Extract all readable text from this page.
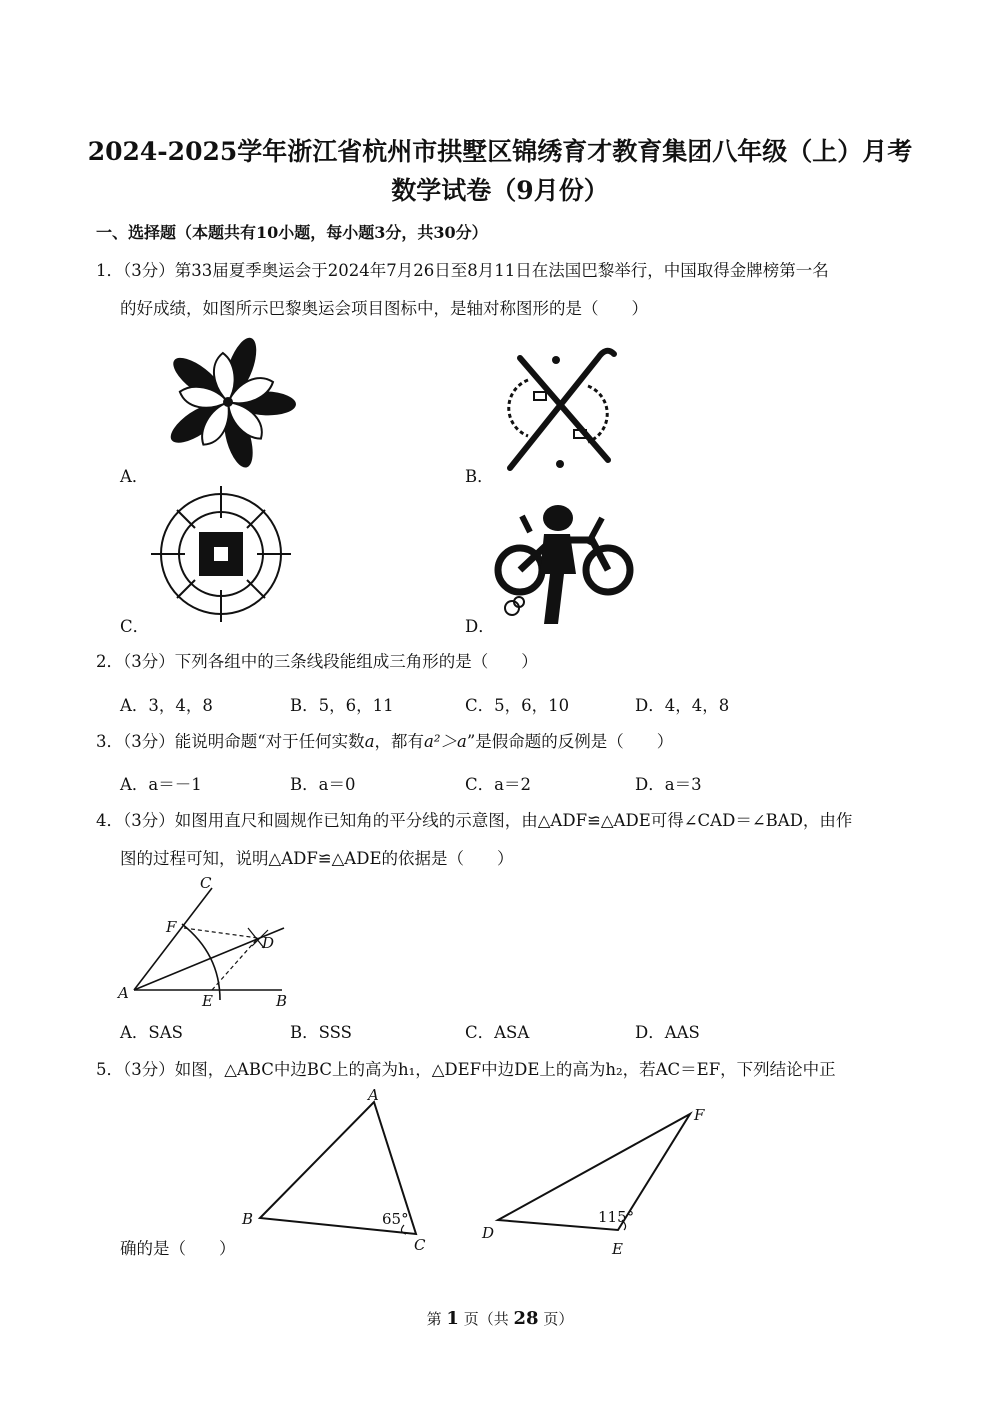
2024-2025学年浙江省杭州市拱墅区锦绣育才教育集团八年级（上）月考
数学试卷（9月份）
一、选择题（本题共有10小题，每小题3分，共30分）
1．（3分）第33届夏季奥运会于2024年7月26日至8月11日在法国巴黎举行，中国取得金牌榜第一名
的好成绩，如图所示巴黎奥运会项目图标中，是轴对称图形的是（　　）
A．	B．
C．	D．
2．（3分）下列各组中的三条线段能组成三角形的是（　　）
A．3，4，8	B．5，6，11	C．5，6，10	D．4，4，8
3．（3分）能说明命题“对于任何实数a，都有a²＞a”是假命题的反例是（　　）
A．a＝－1	B．a＝0	C．a＝2	D．a＝3
4．（3分）如图用直尺和圆规作已知角的平分线的示意图，由△ADF≌△ADE可得∠CAD＝∠BAD，由作
图的过程可知，说明△ADF≌△ADE的依据是（　　）
C
F
D
A	E	B
A．SAS	B．SSS	C．ASA	D．AAS
5．（3分）如图，△ABC中边BC上的高为h₁，△DEF中边DE上的高为h₂，若AC＝EF，下列结论中正
A
B
C
65°
F
D
E
115°
确的是（　　）
第 1 页（共 28 页）
